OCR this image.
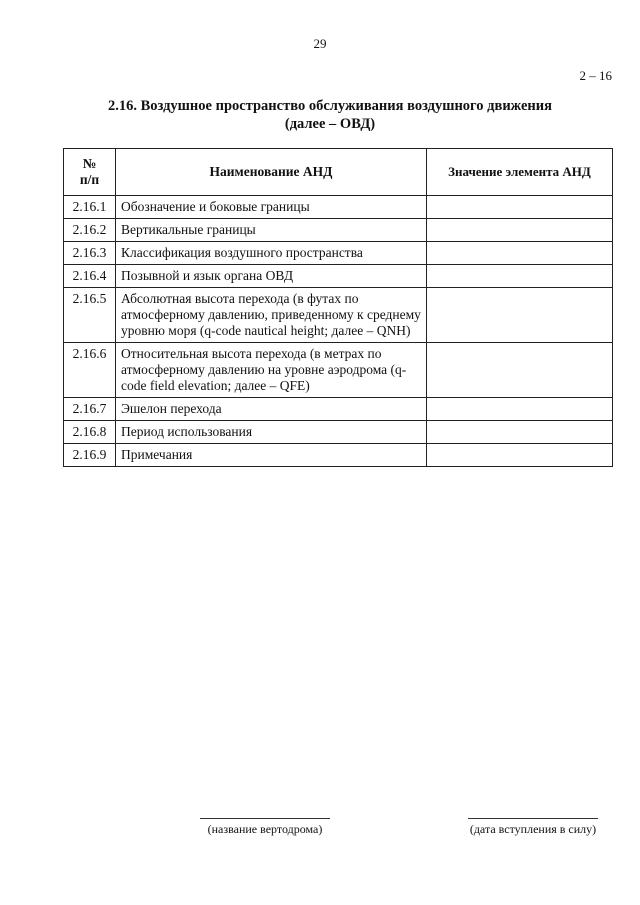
29
2 – 16
2.16. Воздушное пространство обслуживания воздушного движения
(далее – ОВД)
№
п/п	Наименование АНД	Значение элемента АНД
2.16.1	Обозначение и боковые границы	
2.16.2	Вертикальные границы	
2.16.3	Классификация воздушного пространства	
2.16.4	Позывной и язык органа ОВД	
2.16.5	Абсолютная высота перехода (в футах по атмосферному давлению, приведенному к среднему уровню моря (q-code nautical height; далее – QNH)	
2.16.6	Относительная высота перехода (в метрах по атмосферному давлению на уровне аэродрома (q-code field elevation; далее – QFE)	
2.16.7	Эшелон перехода	
2.16.8	Период использования	
2.16.9	Примечания	
(название вертодрома)	(дата вступления в силу)
